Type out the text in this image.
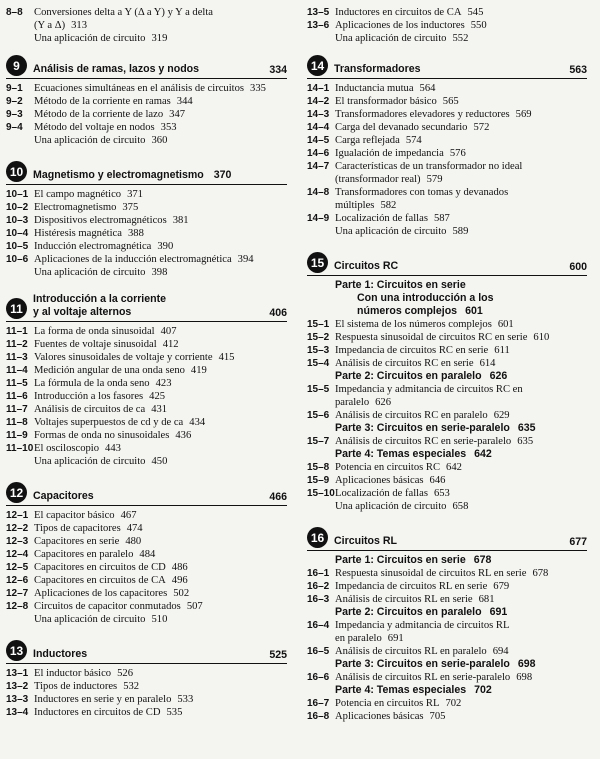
8–8	Conversiones delta a Y (Δ a Y) y Y a delta
(Y a Δ) 313
Una aplicación de circuito 319
9	Análisis de ramas, lazos y nodos	334
9–1	Ecuaciones simultáneas en el análisis de circuitos 335
9–2	Método de la corriente en ramas 344
9–3	Método de la corriente de lazo 347
9–4	Método del voltaje en nodos 353
Una aplicación de circuito 360
10 Magnetismo y electromagnetismo 370
10–1 El campo magnético 371
10–2 Electromagnetismo 375
10–3 Dispositivos electromagnéticos 381
10–4 Histéresis magnética 388
10–5 Inducción electromagnética 390
10–6 Aplicaciones de la inducción electromagnética 394
Una aplicación de circuito 398
11
Introducción a la corriente
y al voltaje alternos	406
11–1 La forma de onda sinusoidal 407
11–2 Fuentes de voltaje sinusoidal 412
11–3 Valores sinusoidales de voltaje y corriente 415
11–4 Medición angular de una onda seno 419
11–5 La fórmula de la onda seno 423
11–6 Introducción a los fasores 425
11–7 Análisis de circuitos de ca 431
11–8 Voltajes superpuestos de cd y de ca 434
11–9 Formas de onda no sinusoidales 436
11–10 El osciloscopio 443
Una aplicación de circuito 450
12 Capacitores	466
12–1 El capacitor básico 467
12–2 Tipos de capacitores 474
12–3 Capacitores en serie 480
12–4 Capacitores en paralelo 484
12–5 Capacitores en circuitos de CD 486
12–6 Capacitores en circuitos de CA 496
12–7 Aplicaciones de los capacitores 502
12–8 Circuitos de capacitor conmutados 507
Una aplicación de circuito 510
13 Inductores	525
13–1 El inductor básico 526
13–2 Tipos de inductores 532
13–3 Inductores en serie y en paralelo 533
13–4 Inductores en circuitos de CD 535
13–5 Inductores en circuitos de CA 545
13–6 Aplicaciones de los inductores 550
Una aplicación de circuito 552
14 Transformadores	563
14–1 Inductancia mutua 564
14–2 El transformador básico 565
14–3 Transformadores elevadores y reductores 569
14–4 Carga del devanado secundario 572
14–5 Carga reflejada 574
14–6 Igualación de impedancia 576
14–7 Características de un transformador no ideal
(transformador real) 579
14–8 Transformadores con tomas y devanados
múltiples 582
14–9 Localización de fallas 587
Una aplicación de circuito 589
15 Circuitos RC	600
Parte 1: Circuitos en serie
Con una introducción a los
números complejos 601
15–1 El sistema de los números complejos 601
15–2 Respuesta sinusoidal de circuitos RC en serie 610
15–3 Impedancia de circuitos RC en serie 611
15–4 Análisis de circuitos RC en serie 614
Parte 2: Circuitos en paralelo 626
15–5 Impedancia y admitancia de circuitos RC en
paralelo 626
15–6 Análisis de circuitos RC en paralelo 629
Parte 3: Circuitos en serie-paralelo 635
15–7 Análisis de circuitos RC en serie-paralelo 635
Parte 4: Temas especiales 642
15–8 Potencia en circuitos RC 642
15–9 Aplicaciones básicas 646
15–10 Localización de fallas 653
Una aplicación de circuito 658
16 Circuitos RL	677
Parte 1: Circuitos en serie 678
16–1 Respuesta sinusoidal de circuitos RL en serie 678
16–2 Impedancia de circuitos RL en serie 679
16–3 Análisis de circuitos RL en serie 681
Parte 2: Circuitos en paralelo 691
16–4 Impedancia y admitancia de circuitos RL
en paralelo 691
16–5 Análisis de circuitos RL en paralelo 694
Parte 3: Circuitos en serie-paralelo 698
16–6 Análisis de circuitos RL en serie-paralelo 698
Parte 4: Temas especiales 702
16–7 Potencia en circuitos RL 702
16–8 Aplicaciones básicas 705
